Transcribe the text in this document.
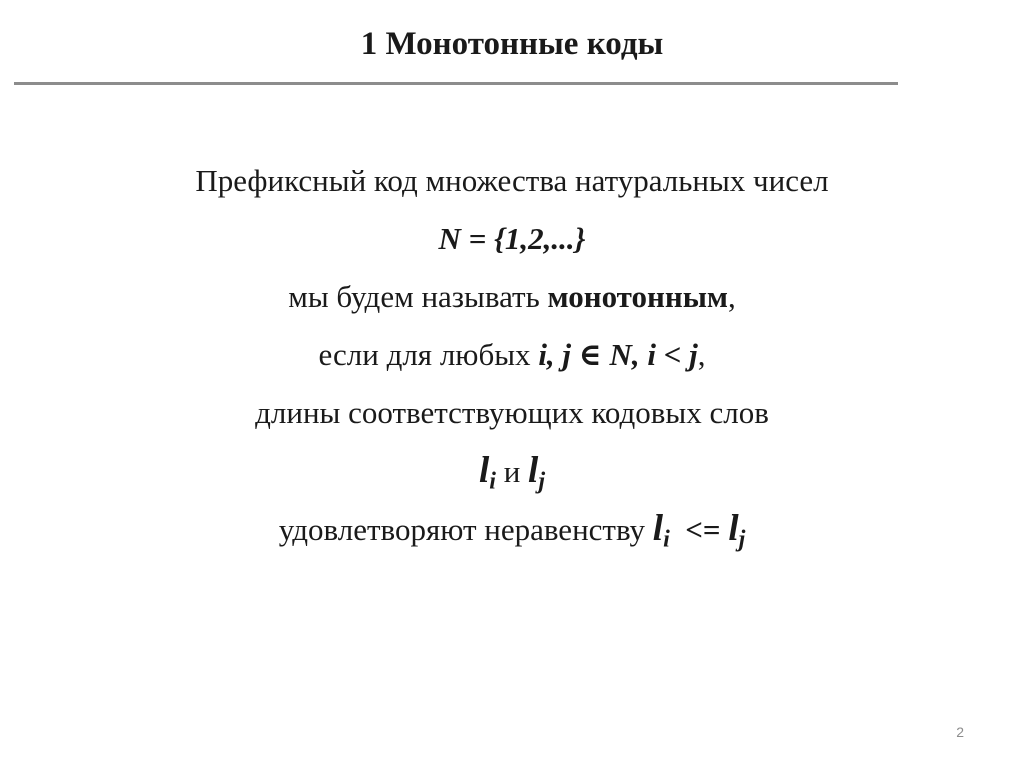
1 Монотонные коды
Префиксный код множества натуральных чисел
N = {1,2,...}
мы будем называть монотонным,
если для любых i, j ∈ N, i < j,
длины соответствующих кодовых слов
$l_i$ и $l_j$
удовлетворяют неравенству $l_i <= l_j$
2
